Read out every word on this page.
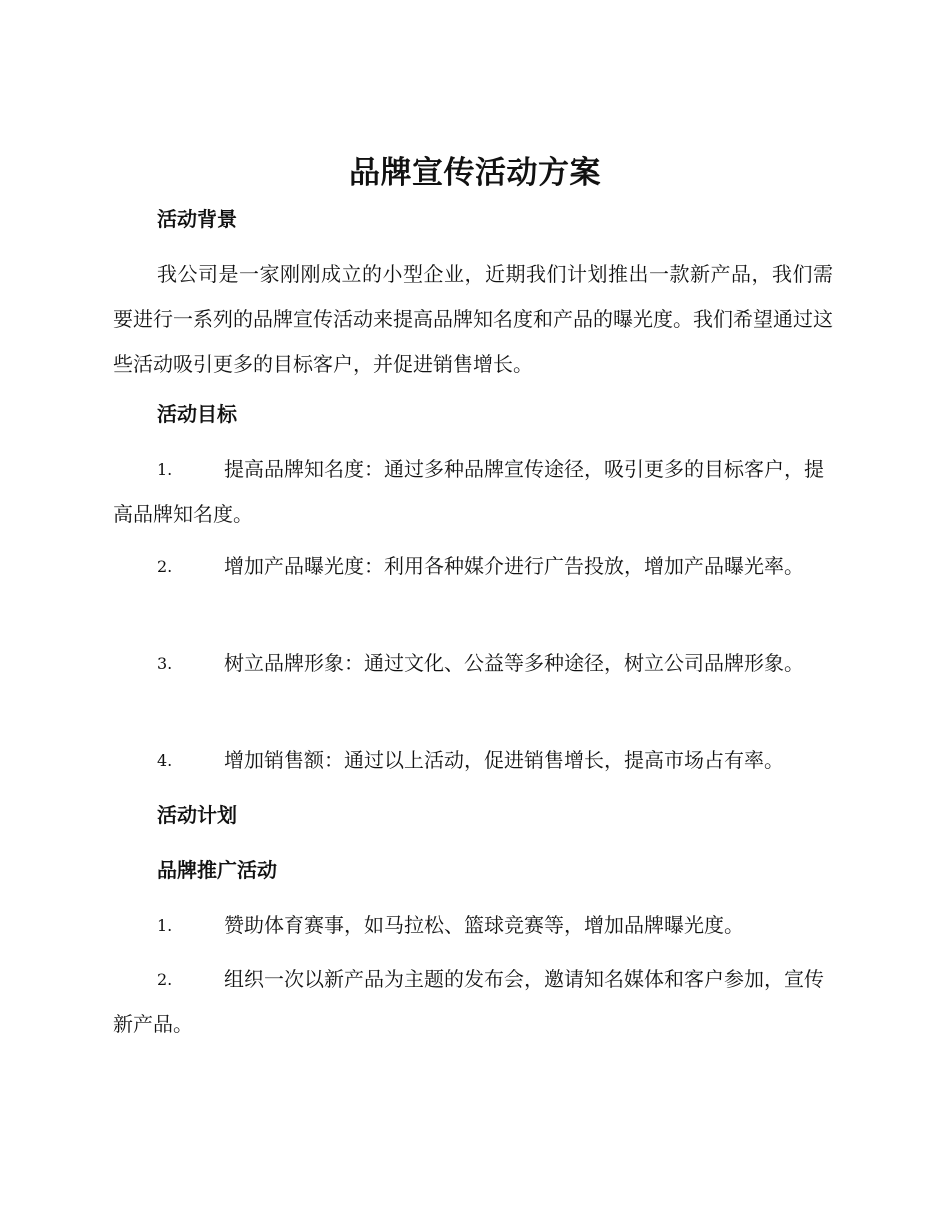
品牌宣传活动方案
活动背景
我公司是一家刚刚成立的小型企业，近期我们计划推出一款新产品，我们需要进行一系列的品牌宣传活动来提高品牌知名度和产品的曝光度。我们希望通过这些活动吸引更多的目标客户，并促进销售增长。
活动目标
1.	提高品牌知名度：通过多种品牌宣传途径，吸引更多的目标客户，提高品牌知名度。
2.	增加产品曝光度：利用各种媒介进行广告投放，增加产品曝光率。
3.	树立品牌形象：通过文化、公益等多种途径，树立公司品牌形象。
4.	增加销售额：通过以上活动，促进销售增长，提高市场占有率。
活动计划
品牌推广活动
1.	赞助体育赛事，如马拉松、篮球竞赛等，增加品牌曝光度。
2.	组织一次以新产品为主题的发布会，邀请知名媒体和客户参加，宣传新产品。
